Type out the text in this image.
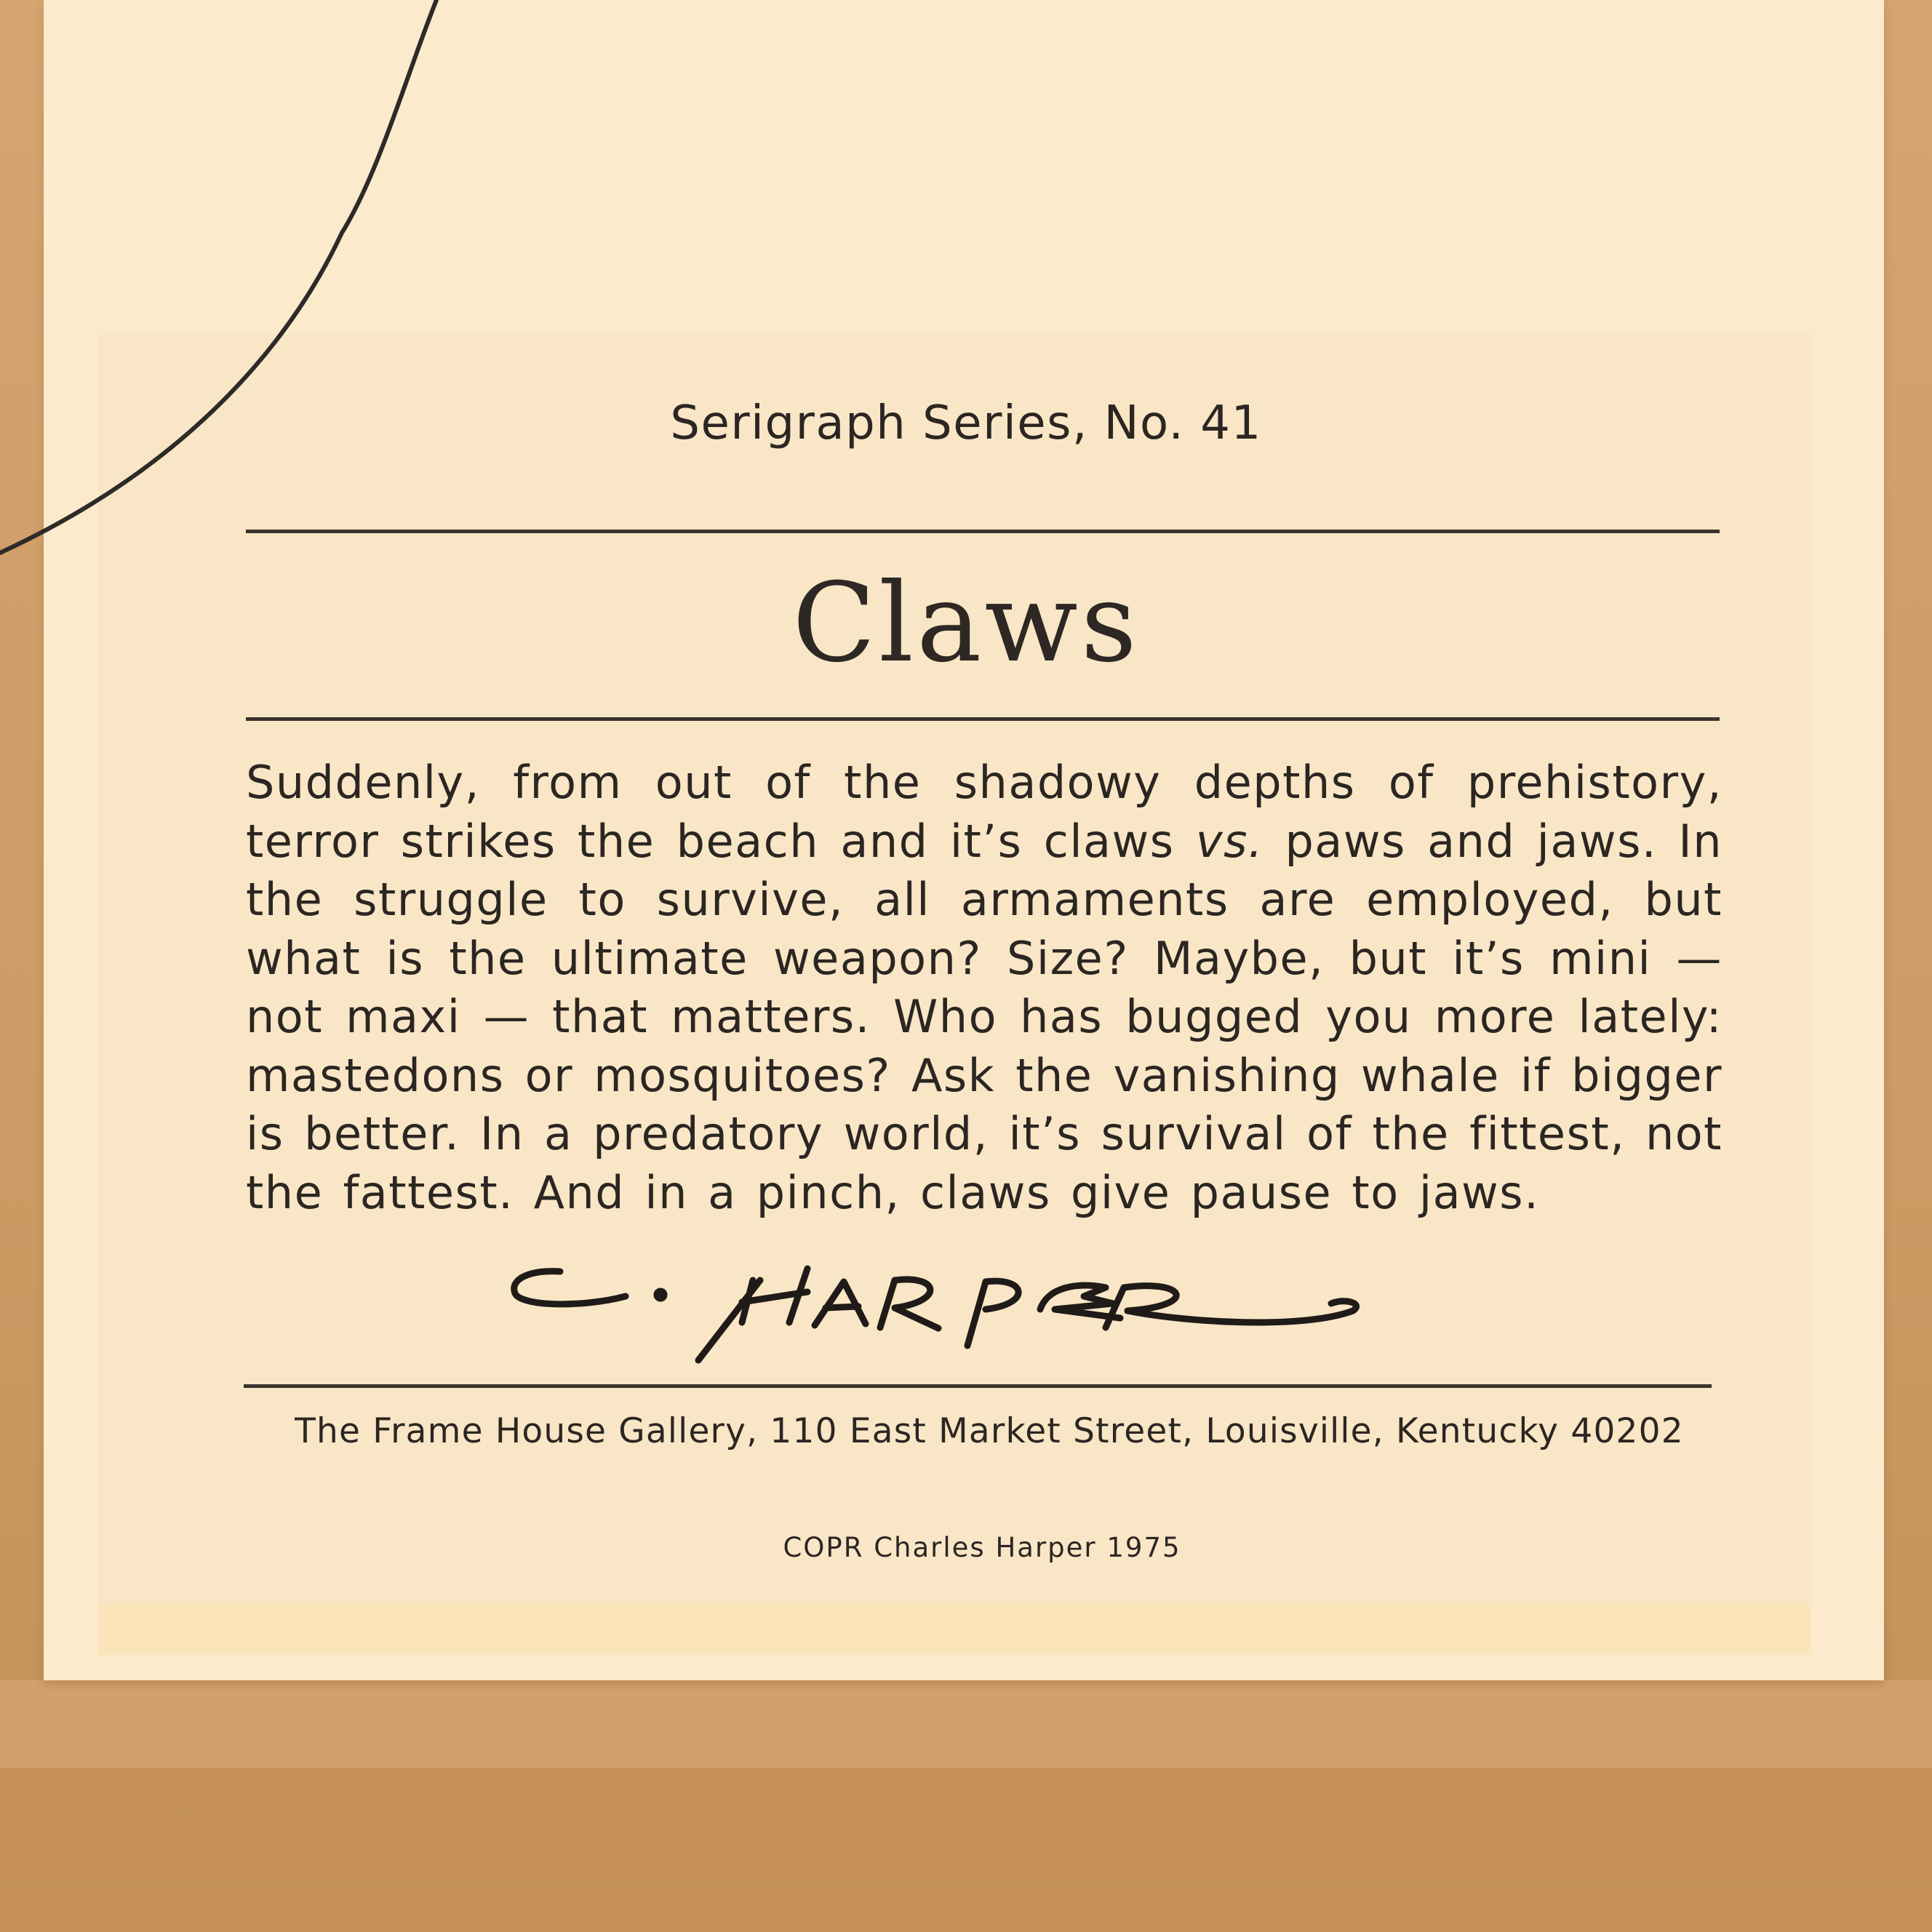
Serigraph Series, No. 41
Claws

Suddenly, from out of the shadowy depths of prehistory, terror strikes the beach and it’s claws vs. paws and jaws. In the struggle to survive, all armaments are employed, but what is the ultimate weapon? Size? Maybe, but it’s mini — not maxi — that matters. Who has bugged you more lately: mastedons or mosquitoes? Ask the vanishing whale if bigger is better. In a predatory world, it’s survival of the fittest, not the fattest. And in a pinch, claws give pause to jaws.

The Frame House Gallery, 110 East Market Street, Louisville, Kentucky 40202
COPR Charles Harper 1975
